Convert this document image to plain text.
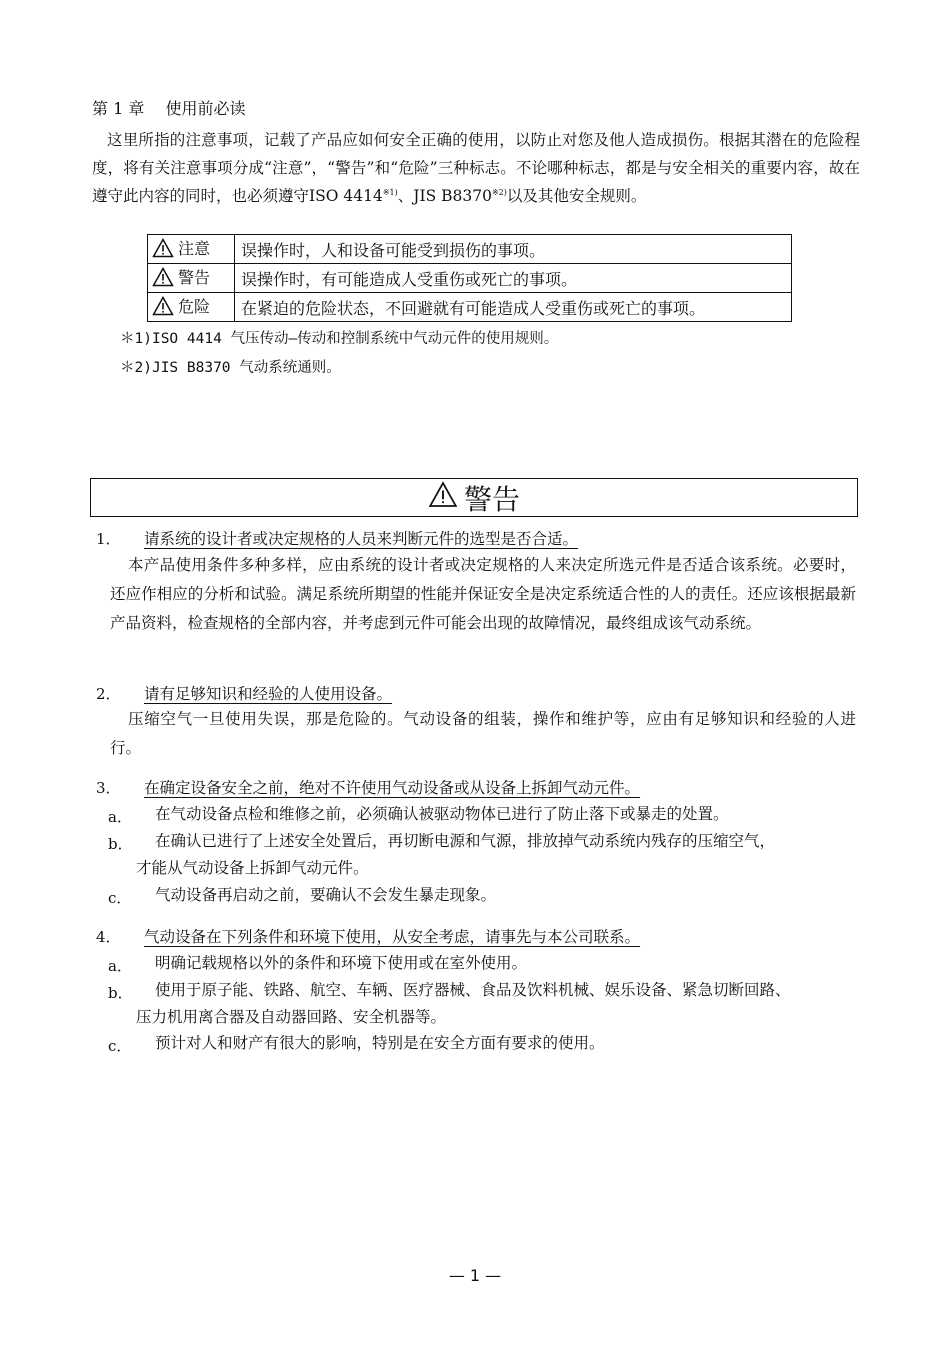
第 1 章　 使用前必读
这里所指的注意事项，记载了产品应如何安全正确的使用，以防止对您及他人造成损伤。根据其潜在的危险程度，将有关注意事项分成“注意”，“警告”和“危险”三种标志。不论哪种标志，都是与安全相关的重要内容，故在遵守此内容的同时，也必须遵守ISO 4414$^{※1)}$、JIS B8370$^{※2)}$以及其他安全规则。
注意	误操作时，人和设备可能受到损伤的事项。
警告	误操作时，有可能造成人受重伤或死亡的事项。
危险	在紧迫的危险状态，不回避就有可能造成人受重伤或死亡的事项。
＊1)ISO 4414 气压传动—传动和控制系统中气动元件的使用规则。
＊2)JIS B8370 气动系统通则。
警告
1． 请系统的设计者或决定规格的人员来判断元件的选型是否合适。
本产品使用条件多种多样，应由系统的设计者或决定规格的人来决定所选元件是否适合该系统。必要时，还应作相应的分析和试验。满足系统所期望的性能并保证安全是决定系统适合性的人的责任。还应该根据最新产品资料，检查规格的全部内容，并考虑到元件可能会出现的故障情况，最终组成该气动系统。
2． 请有足够知识和经验的人使用设备。
压缩空气一旦使用失误，那是危险的。气动设备的组装，操作和维护等，应由有足够知识和经验的人进行。
3． 在确定设备安全之前，绝对不许使用气动设备或从设备上拆卸气动元件。
a． 在气动设备点检和维修之前，必须确认被驱动物体已进行了防止落下或暴走的处置。
b． 在确认已进行了上述安全处置后，再切断电源和气源，排放掉气动系统内残存的压缩空气，
才能从气动设备上拆卸气动元件。
c． 气动设备再启动之前，要确认不会发生暴走现象。
4． 气动设备在下列条件和环境下使用，从安全考虑，请事先与本公司联系。
a． 明确记载规格以外的条件和环境下使用或在室外使用。
b． 使用于原子能、铁路、航空、车辆、医疗器械、食品及饮料机械、娱乐设备、紧急切断回路、
压力机用离合器及自动器回路、安全机器等。
c． 预计对人和财产有很大的影响，特别是在安全方面有要求的使用。
— 1 —
